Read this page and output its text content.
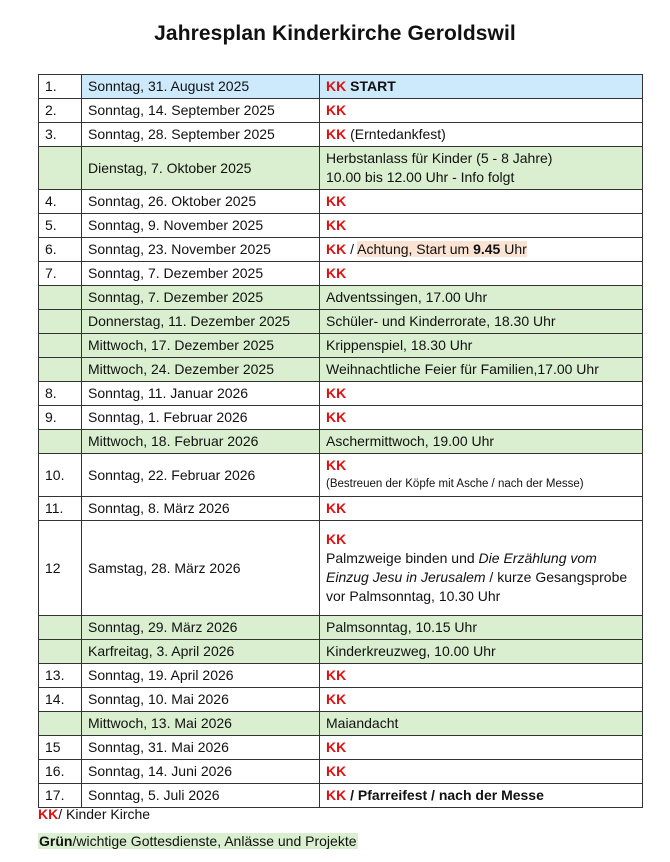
Jahresplan Kinderkirche Geroldswil
1.	Sonntag, 31. August 2025	KK START
2.	Sonntag, 14. September 2025	KK
3.	Sonntag, 28. September 2025	KK (Erntedankfest)
	Dienstag, 7. Oktober 2025	Herbstanlass für Kinder (5 - 8 Jahre)
10.00 bis 12.00 Uhr - Info folgt

4.	Sonntag, 26. Oktober 2025	KK
5.	Sonntag, 9. November 2025	KK
6.	Sonntag, 23. November 2025	KK / Achtung, Start um 9.45 Uhr
7.	Sonntag, 7. Dezember 2025	KK
	Sonntag, 7. Dezember 2025	Adventssingen, 17.00 Uhr
	Donnerstag, 11. Dezember 2025	Schüler- und Kinderrorate, 18.30 Uhr
	Mittwoch, 17. Dezember 2025	Krippenspiel, 18.30 Uhr
	Mittwoch, 24. Dezember 2025	Weihnachtliche Feier für Familien,17.00 Uhr
8.	Sonntag, 11. Januar 2026	KK
9.	Sonntag, 1. Februar 2026	KK
	Mittwoch, 18. Februar 2026	Aschermittwoch, 19.00 Uhr
10.	Sonntag, 22. Februar 2026	KK
(Bestreuen der Köpfe mit Asche / nach der Messe)

11.	Sonntag, 8. März 2026	KK
12	Samstag, 28. März 2026	KK
Palmzweige binden und Die Erzählung vom Einzug Jesu in Jerusalem / kurze Gesangsprobe vor Palmsonntag, 10.30 Uhr

	Sonntag, 29. März 2026	Palmsonntag, 10.15 Uhr
	Karfreitag, 3. April 2026	Kinderkreuzweg, 10.00 Uhr
13.	Sonntag, 19. April 2026	KK
14.	Sonntag, 10. Mai 2026	KK
	Mittwoch, 13. Mai 2026	Maiandacht
15	Sonntag, 31. Mai 2026	KK
16.	Sonntag, 14. Juni 2026	KK
17.	Sonntag, 5. Juli 2026	KK / Pfarreifest / nach der Messe
KK/ Kinder Kirche
Grün/wichtige Gottesdienste, Anlässe und Projekte
